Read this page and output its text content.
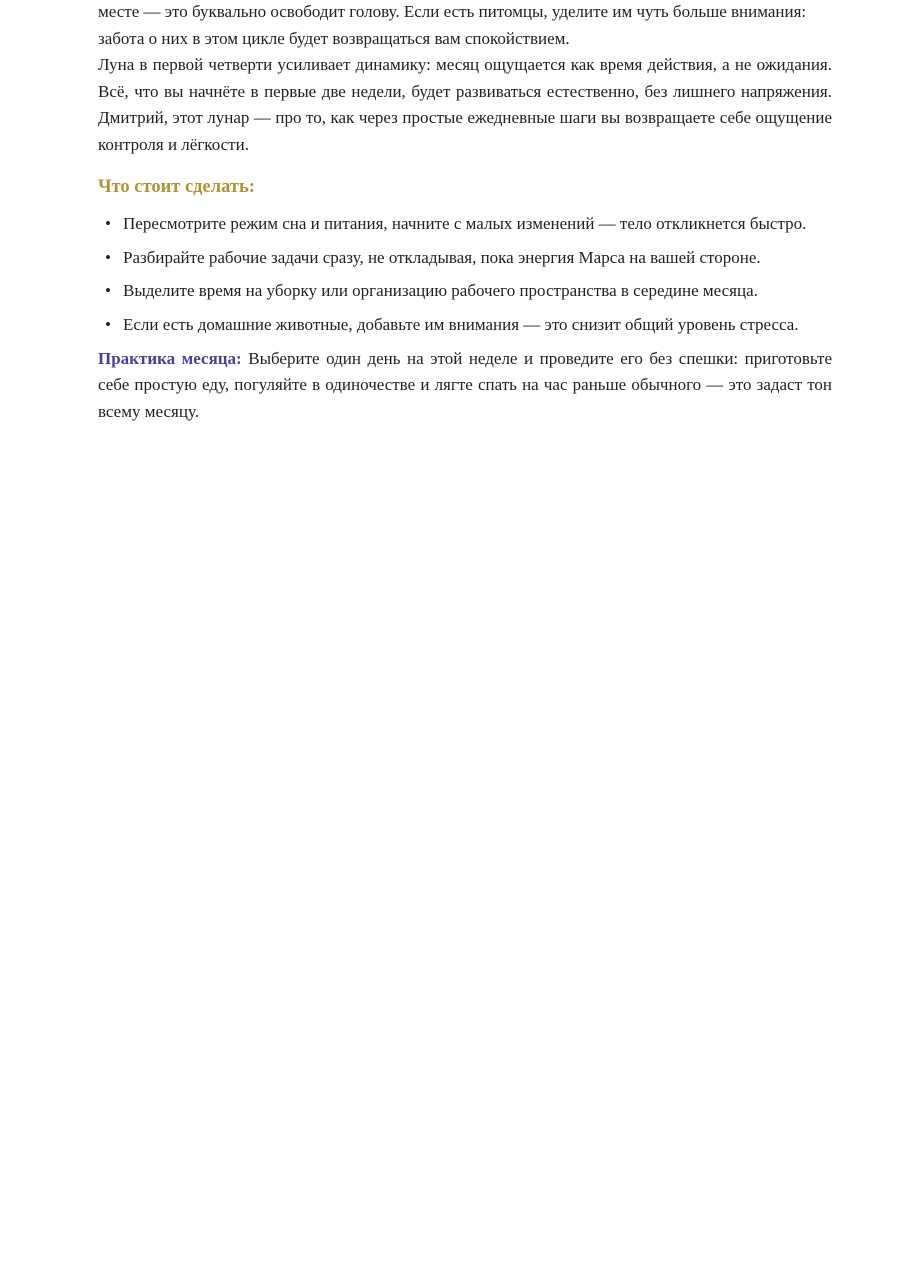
месте — это буквально освободит голову. Если есть питомцы, уделите им чуть больше внимания:
забота о них в этом цикле будет возвращаться вам спокойствием.

Луна в первой четверти усиливает динамику: месяц ощущается как время действия, а не ожидания. Всё, что вы начнёте в первые две недели, будет развиваться естественно, без лишнего напряжения. Дмитрий, этот лунар — про то, как через простые ежедневные шаги вы возвращаете себе ощущение контроля и лёгкости.

Что стоит сделать:
• Пересмотрите режим сна и питания, начните с малых изменений — тело откликнется быстро.
• Разбирайте рабочие задачи сразу, не откладывая, пока энергия Марса на вашей стороне.
• Выделите время на уборку или организацию рабочего пространства в середине месяца.
• Если есть домашние животные, добавьте им внимания — это снизит общий уровень стресса.

Практика месяца: Выберите один день на этой неделе и проведите его без спешки: приготовьте себе простую еду, погуляйте в одиночестве и лягте спать на час раньше обычного — это задаст тон всему месяцу.
